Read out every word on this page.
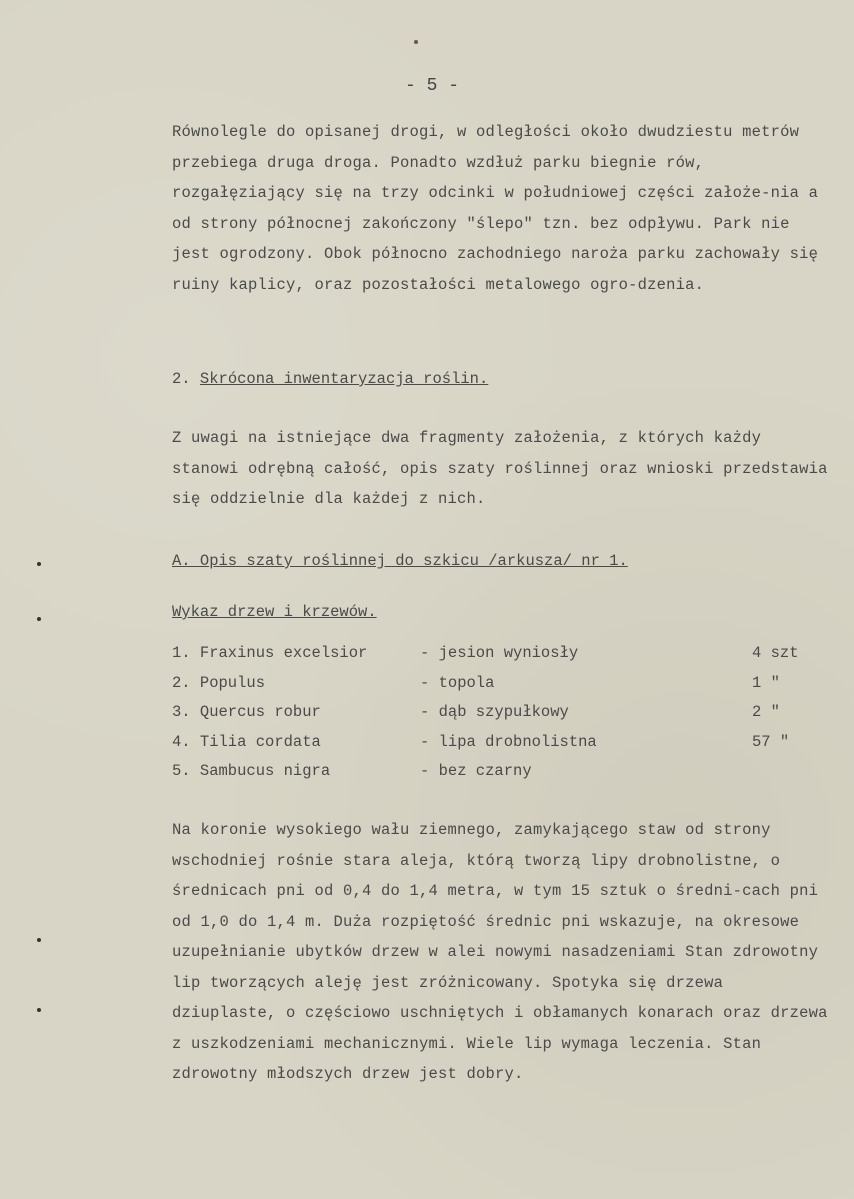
- 5 -
Równolegle do opisanej drogi, w odległości około dwudziestu metrów przebiega druga droga. Ponadto wzdłuż parku biegnie rów, rozgałęziający się na trzy odcinki w południowej części założe-nia a od strony północnej zakończony "ślepo" tzn. bez odpływu. Park nie jest ogrodzony. Obok północno zachodniego narożа parku zachowały się ruiny kaplicy, oraz pozostałości metalowego ogro-dzenia.
2. Skrócona inwentaryzacja roślin.
Z uwagi na istniejące dwa fragmenty założenia, z których każdy stanowi odrębną całość, opis szaty roślinnej oraz wnioski przedstawia się oddzielnie dla każdej z nich.
A. Opis szaty roślinnej do szkicu /arkusza/ nr 1.
Wykaz drzew i krzewów.
1. Fraxinus excelsior	- jesion wyniosły	4 szt
2. Populus	- topola	1 "
3. Quercus robur	- dąb szypułkowy	2 "
4. Tilia cordata	- lipa drobnolistna	57 "
5. Sambucus nigra	- bez czarny
Na koronie wysokiego wału ziemnego, zamykającego staw od strony wschodniej rośnie stara aleja, którą tworzą lipy drobnolistne, o średnicach pni od 0,4 do 1,4 metra, w tym 15 sztuk o średni-cach pni od 1,0 do 1,4 m. Duża rozpiętość średnic pni wskazuje, na okresowe uzupełnianie ubytków drzew w alei nowymi nasadzeniami Stan zdrowotny lip tworzących aleję jest zróżnicowany. Spotyka się drzewa dziuplaste, o częściowo uschniętych i obłamanych konarach oraz drzewa z uszkodzeniami mechanicznymi. Wiele lip wymaga leczenia. Stan zdrowotny młodszych drzew jest dobry.
